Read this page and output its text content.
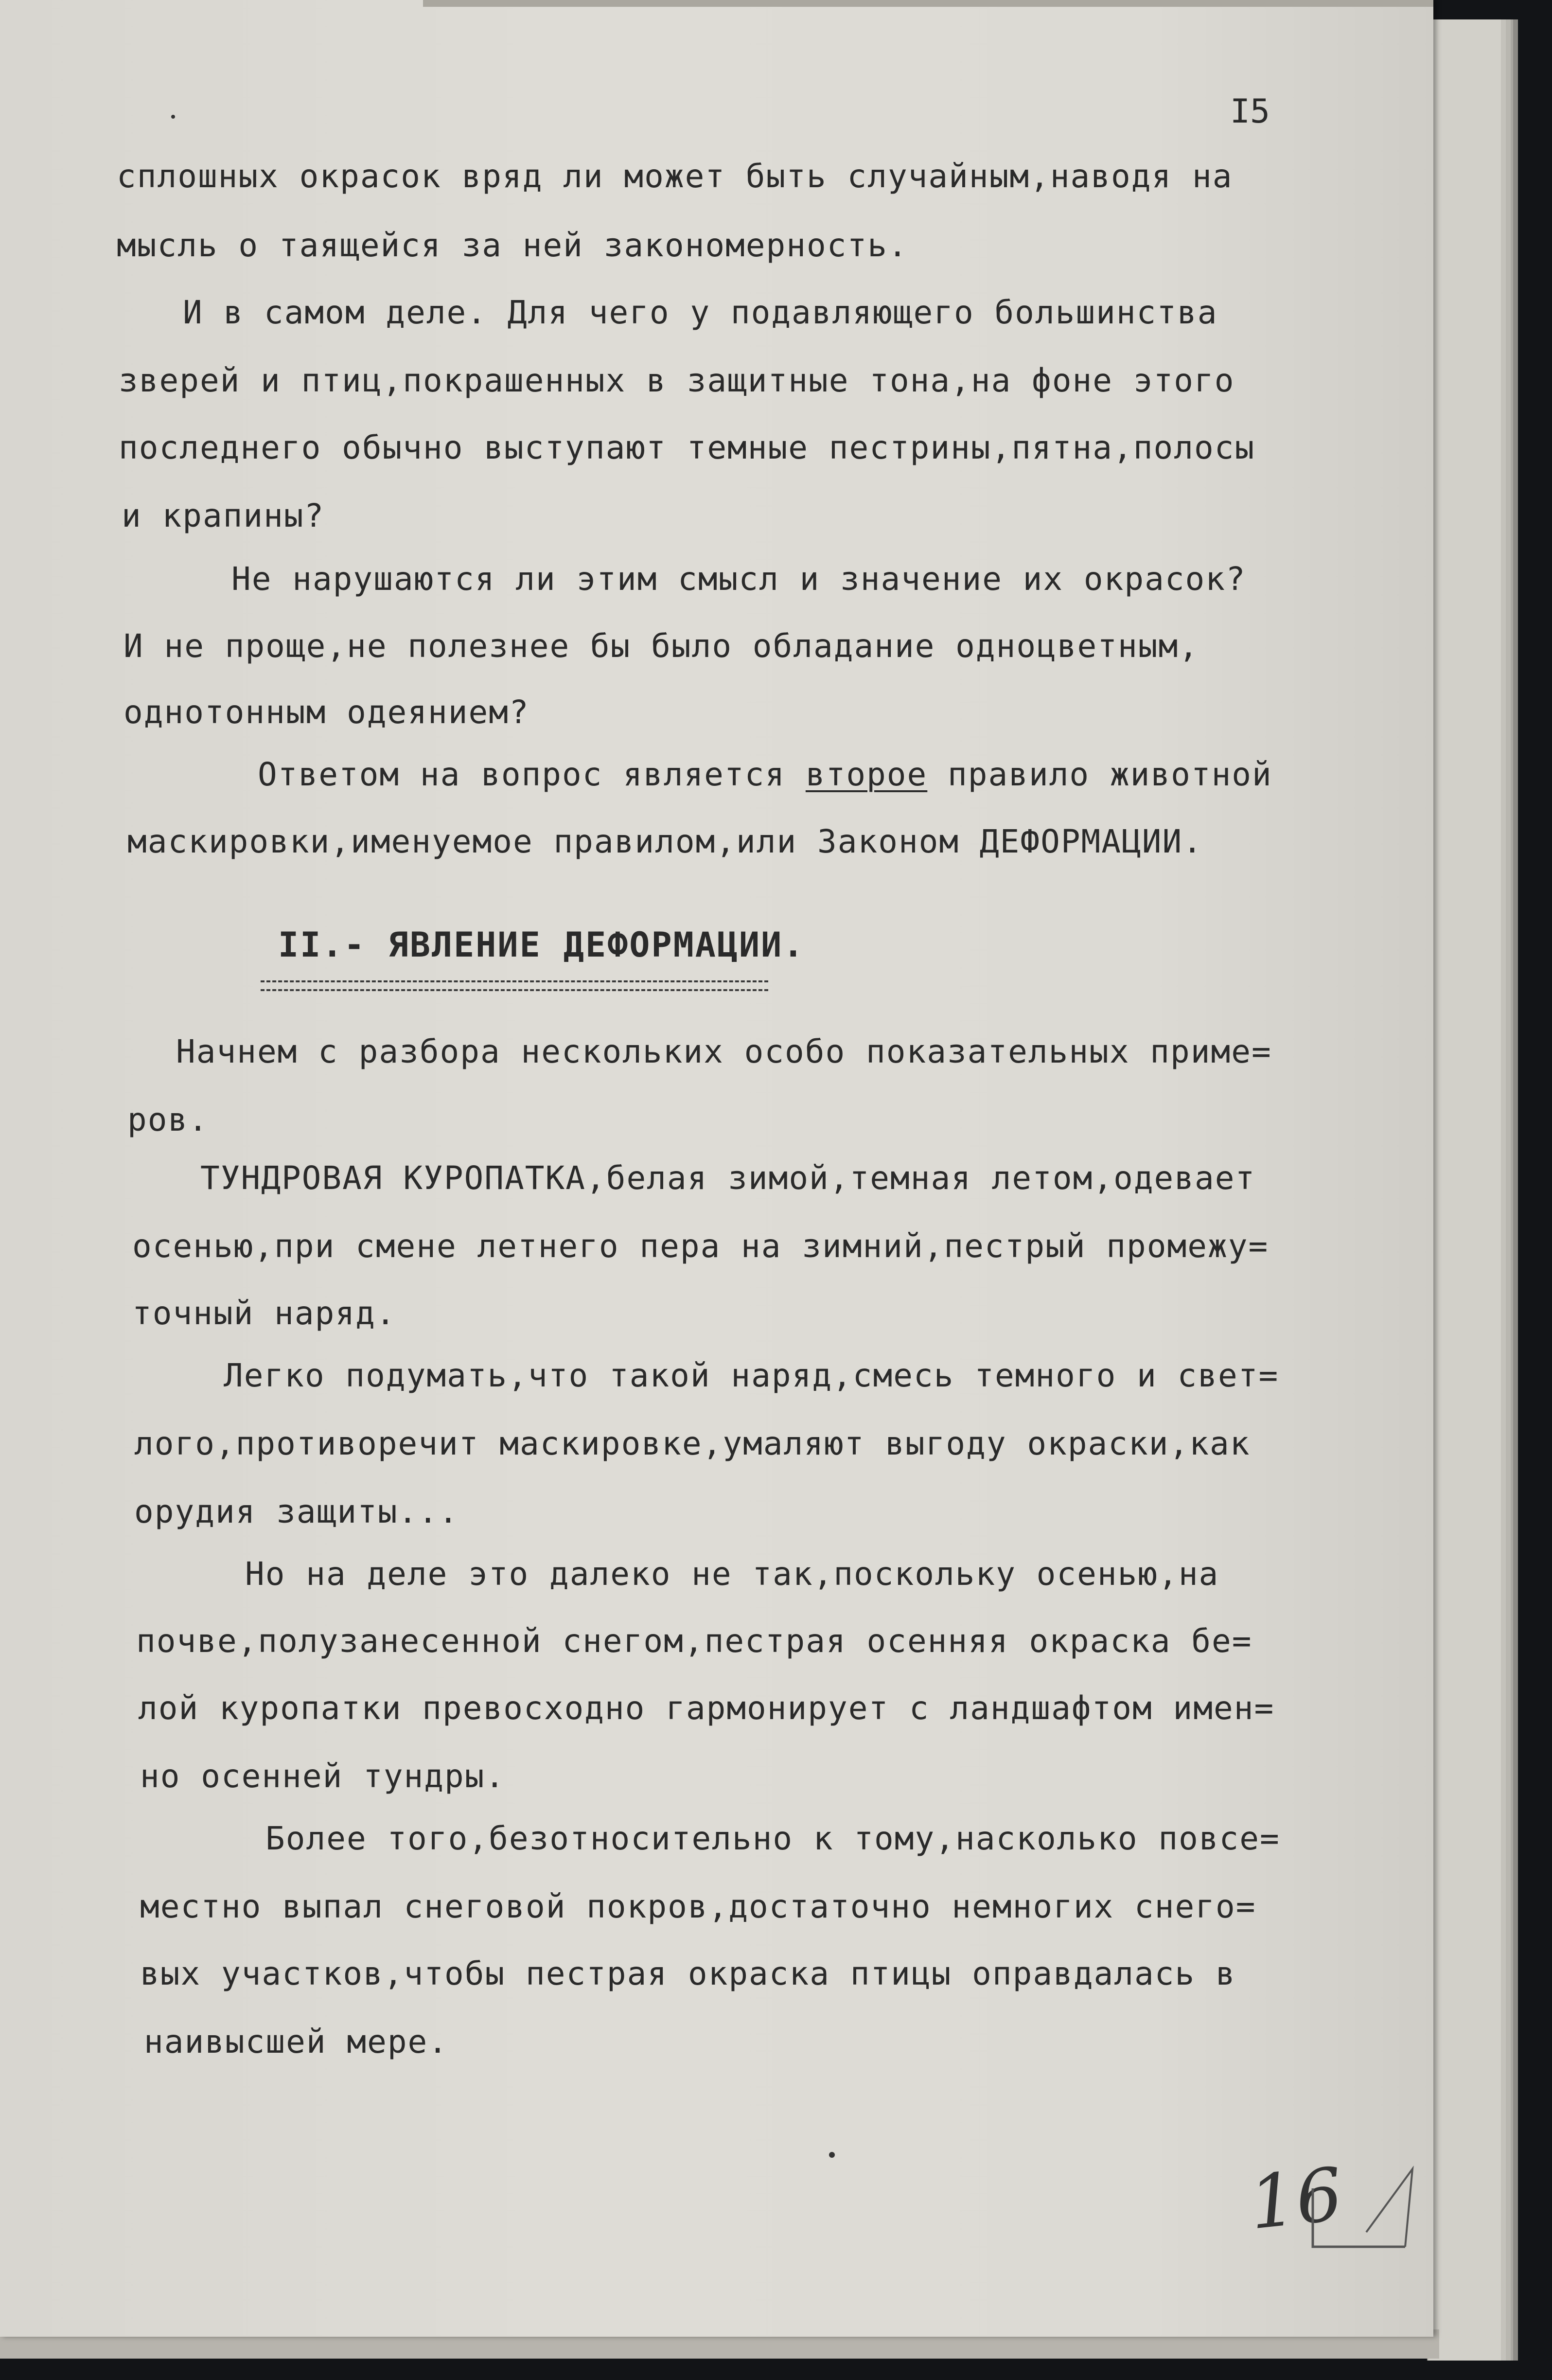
I5
сплошных окрасок вряд ли может быть случайным,наводя на
мысль о таящейся за ней закономерность.
И в самом деле. Для чего у подавляющего большинства
зверей и птиц,покрашенных в защитные тона,на фоне этого
последнего обычно выступают темные пестрины,пятна,полосы
и крапины?
Не нарушаются ли этим смысл и значение их окрасок?
И не проще,не полезнее бы было обладание одноцветным,
однотонным одеянием?
Ответом на вопрос является второе правило животной
маскировки,именуемое правилом,или Законом ДЕФОРМАЦИИ.
II.- ЯВЛЕНИЕ ДЕФОРМАЦИИ.
Начнем с разбора нескольких особо показательных приме=
ров.
ТУНДРОВАЯ КУРОПАТКА,белая зимой,темная летом,одевает
осенью,при смене летнего пера на зимний,пестрый промежу=
точный наряд.
Легко подумать,что такой наряд,смесь темного и свет=
лого,противоречит маскировке,умаляют выгоду окраски,как
орудия защиты...
Но на деле это далеко не так,поскольку осенью,на
почве,полузанесенной снегом,пестрая осенняя окраска бе=
лой куропатки превосходно гармонирует с ландшафтом имен=
но осенней тундры.
Более того,безотносительно к тому,насколько повсе=
местно выпал снеговой покров,достаточно немногих снего=
вых участков,чтобы пестрая окраска птицы оправдалась в
наивысшей мере.
16
